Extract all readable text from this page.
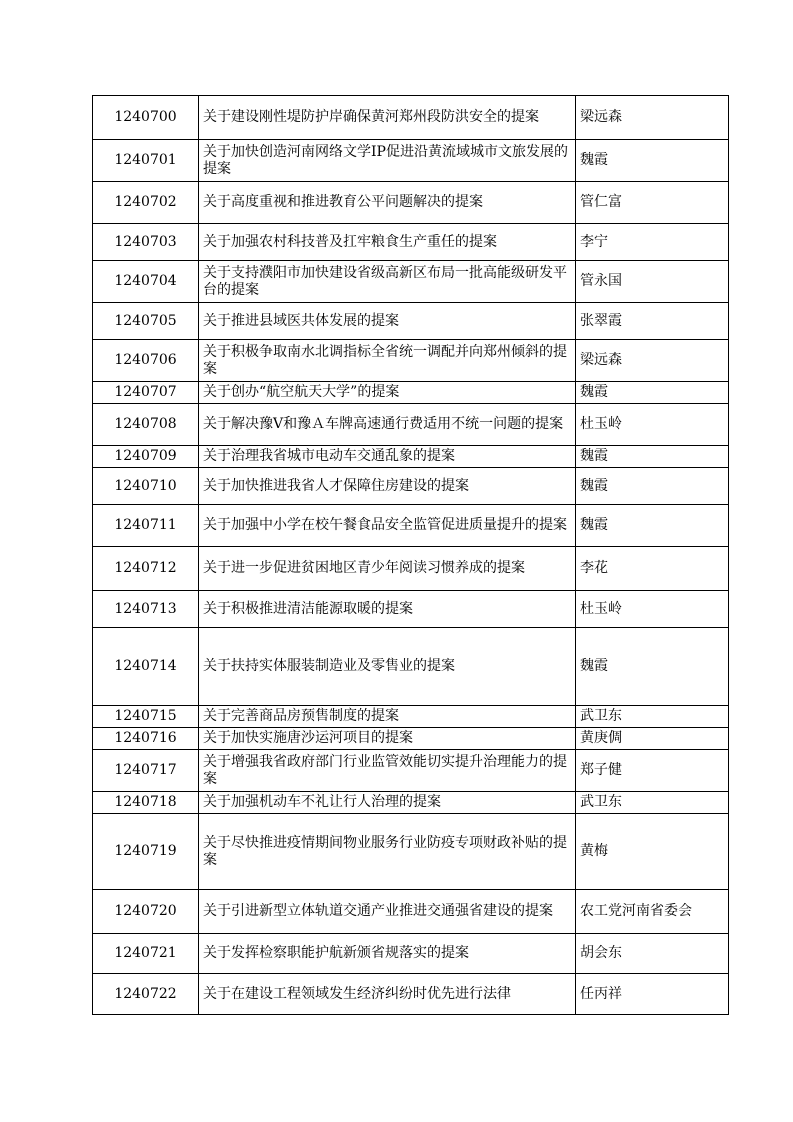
1240700	关于建设刚性堤防护岸确保黄河郑州段防洪安全的提案	梁远森
1240701	关于加快创造河南网络文学IP促进沿黄流域城市文旅发展的提案	魏霞
1240702	关于高度重视和推进教育公平问题解决的提案	管仁富
1240703	关于加强农村科技普及扛牢粮食生产重任的提案	李宁
1240704	关于支持濮阳市加快建设省级高新区布局一批高能级研发平台的提案	管永国
1240705	关于推进县域医共体发展的提案	张翠霞
1240706	关于积极争取南水北调指标全省统一调配并向郑州倾斜的提案	梁远森
1240707	关于创办“航空航天大学”的提案	魏霞
1240708	关于解决豫Ⅴ和豫Ａ车牌高速通行费适用不统一问题的提案	杜玉岭
1240709	关于治理我省城市电动车交通乱象的提案	魏霞
1240710	关于加快推进我省人才保障住房建设的提案	魏霞
1240711	关于加强中小学在校午餐食品安全监管促进质量提升的提案	魏霞
1240712	关于进一步促进贫困地区青少年阅读习惯养成的提案	李花
1240713	关于积极推进清洁能源取暖的提案	杜玉岭
1240714	关于扶持实体服装制造业及零售业的提案	魏霞
1240715	关于完善商品房预售制度的提案	武卫东
1240716	关于加快实施唐沙运河项目的提案	黄庚倜
1240717	关于增强我省政府部门行业监管效能切实提升治理能力的提案	郑子健
1240718	关于加强机动车不礼让行人治理的提案	武卫东
1240719	关于尽快推进疫情期间物业服务行业防疫专项财政补贴的提案	黄梅
1240720	关于引进新型立体轨道交通产业推进交通强省建设的提案	农工党河南省委会
1240721	关于发挥检察职能护航新颁省规落实的提案	胡会东
1240722	关于在建设工程领域发生经济纠纷时优先进行法律	任丙祥
